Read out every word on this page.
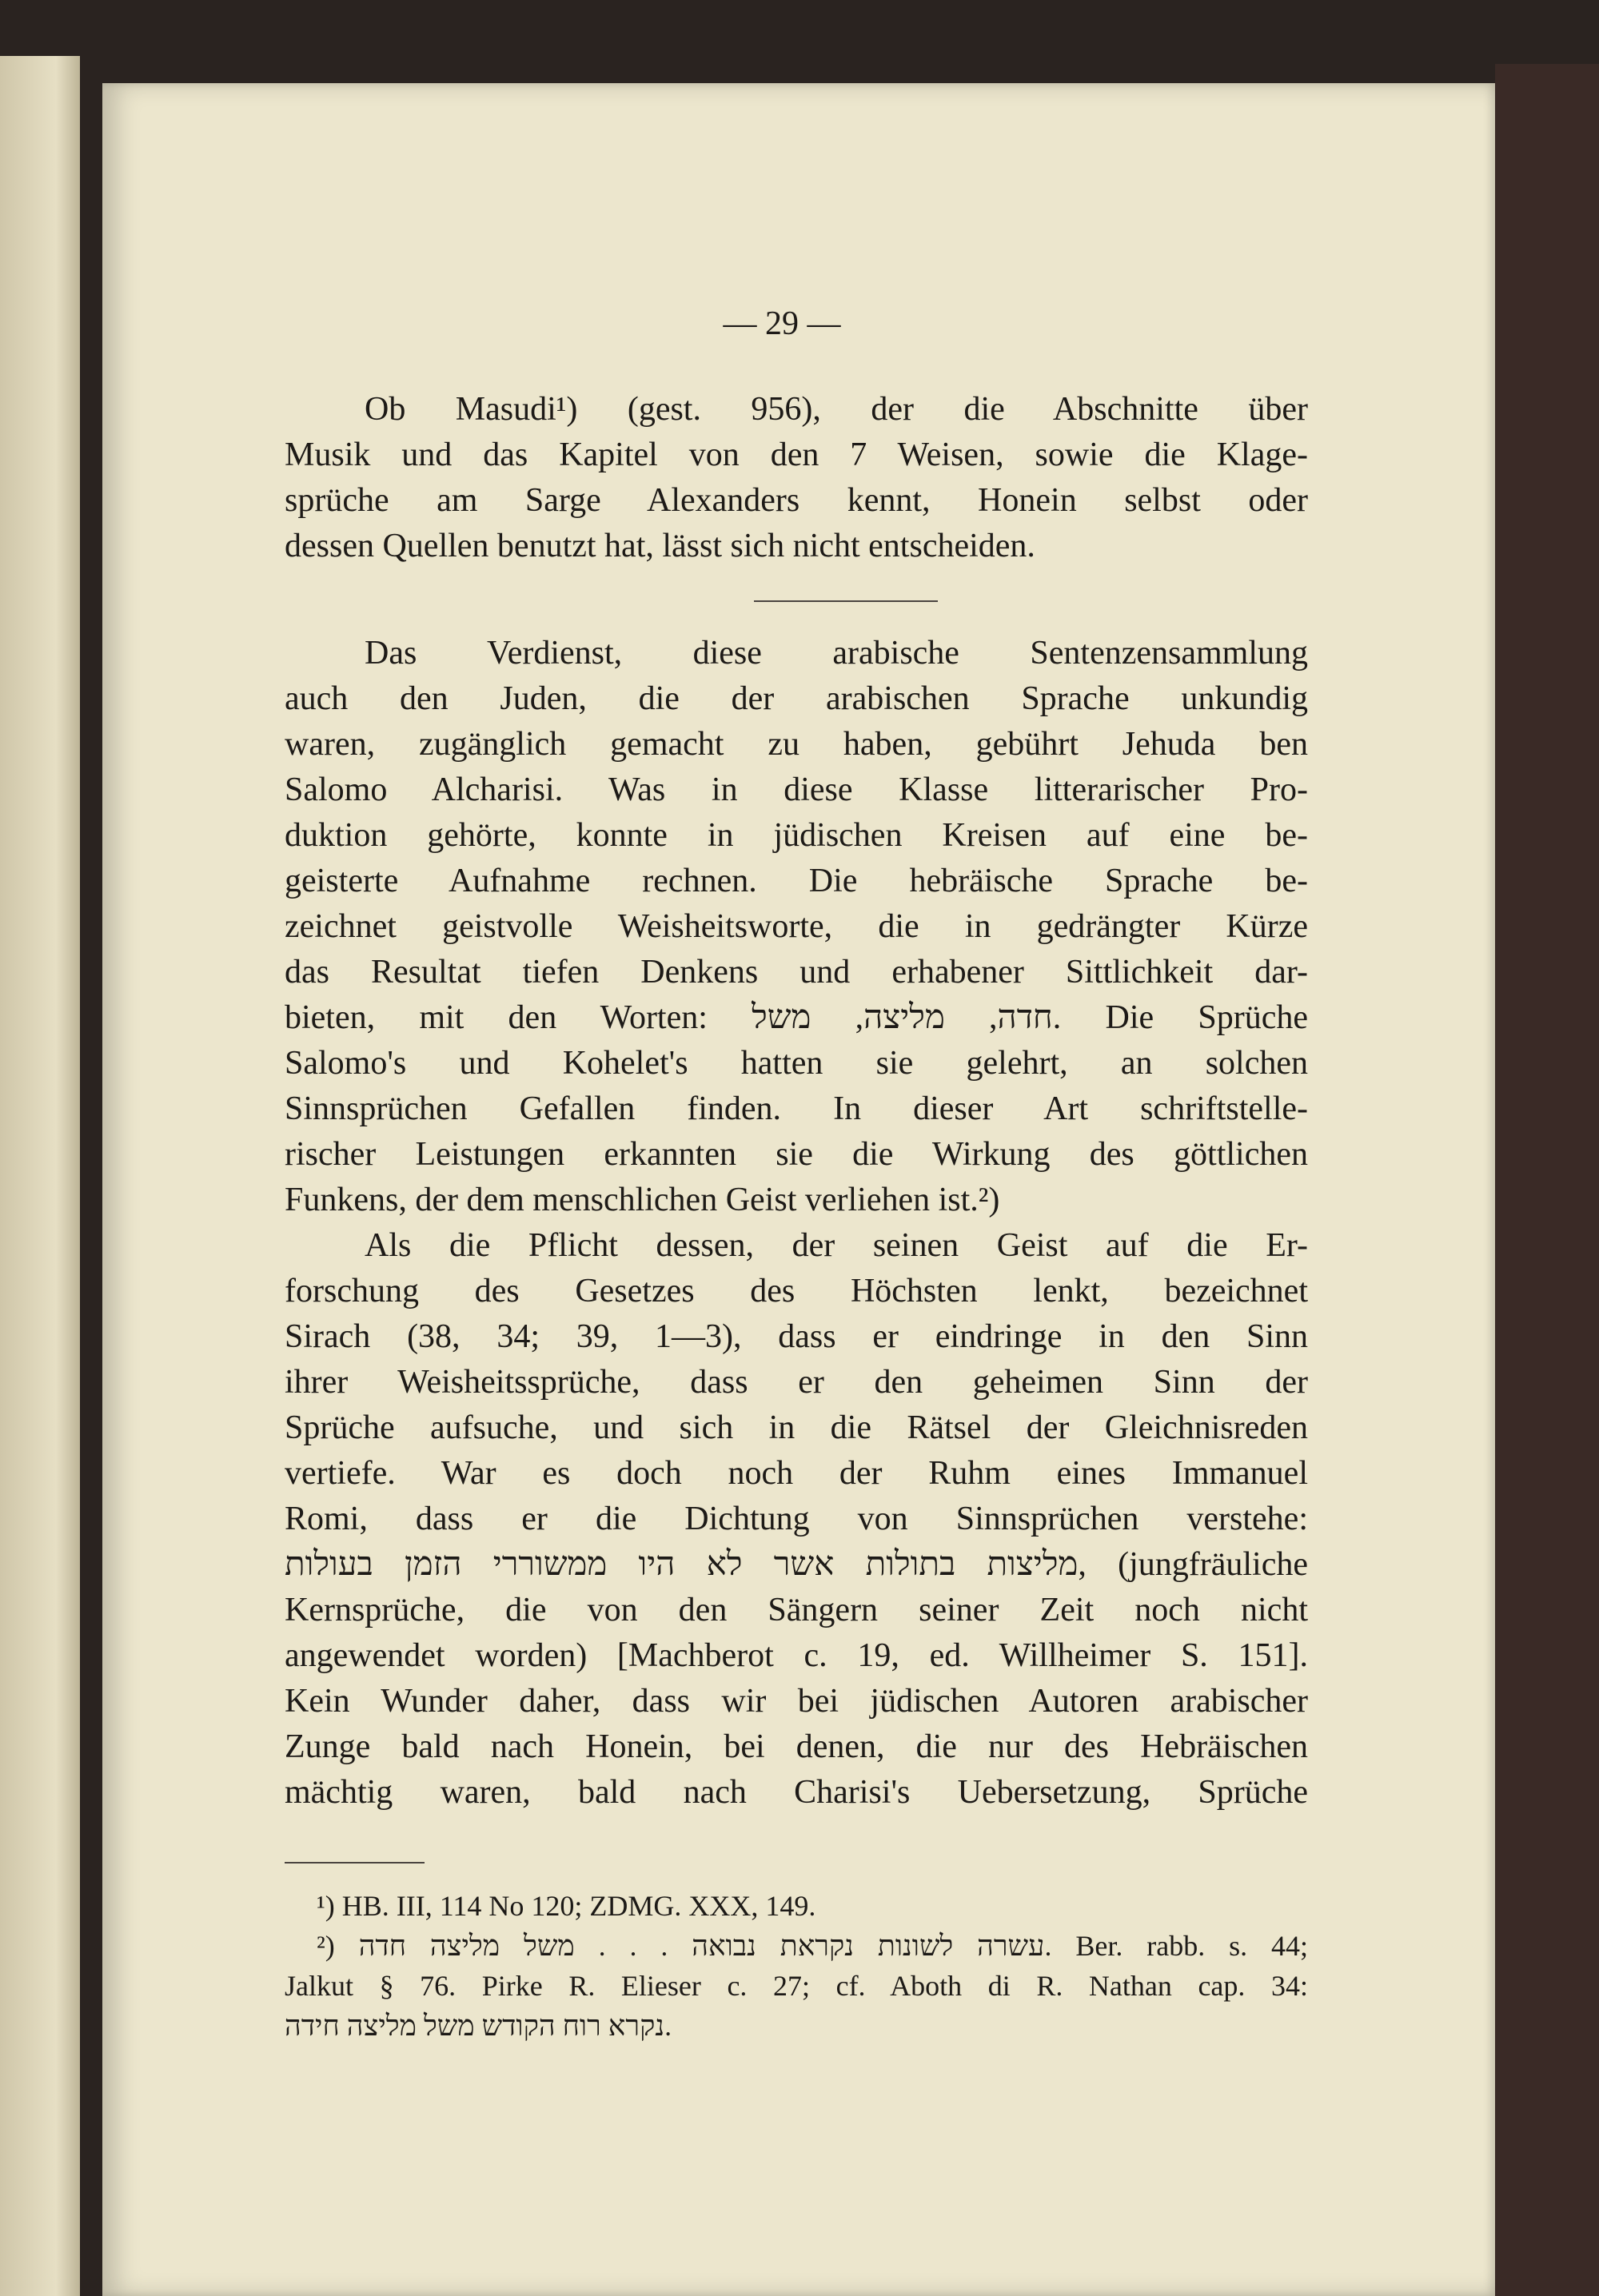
— 29 —
Ob Masudi¹) (gest. 956), der die Abschnitte über
Musik und das Kapitel von den 7 Weisen, sowie die Klage-
sprüche am Sarge Alexanders kennt, Honein selbst oder
dessen Quellen benutzt hat, lässt sich nicht entscheiden.
Das Verdienst, diese arabische Sentenzensammlung
auch den Juden, die der arabischen Sprache unkundig
waren, zugänglich gemacht zu haben, gebührt Jehuda ben
Salomo Alcharisi. Was in diese Klasse litterarischer Pro-
duktion gehörte, konnte in jüdischen Kreisen auf eine be-
geisterte Aufnahme rechnen. Die hebräische Sprache be-
zeichnet geistvolle Weisheitsworte, die in gedrängter Kürze
das Resultat tiefen Denkens und erhabener Sittlichkeit dar-
bieten, mit den Worten: חדה, מליצה, משל. Die Sprüche
Salomo's und Kohelet's hatten sie gelehrt, an solchen
Sinnsprüchen Gefallen finden. In dieser Art schriftstelle-
rischer Leistungen erkannten sie die Wirkung des göttlichen
Funkens, der dem menschlichen Geist verliehen ist.²)
Als die Pflicht dessen, der seinen Geist auf die Er-
forschung des Gesetzes des Höchsten lenkt, bezeichnet
Sirach (38, 34; 39, 1—3), dass er eindringe in den Sinn
ihrer Weisheitssprüche, dass er den geheimen Sinn der
Sprüche aufsuche, und sich in die Rätsel der Gleichnisreden
vertiefe. War es doch noch der Ruhm eines Immanuel
Romi, dass er die Dichtung von Sinnsprüchen verstehe:
מליצות בתולות אשר לא היו ממשוררי הזמן בעולות, (jungfräuliche
Kernsprüche, die von den Sängern seiner Zeit noch nicht
angewendet worden) [Machberot c. 19, ed. Willheimer S. 151].
Kein Wunder daher, dass wir bei jüdischen Autoren arabischer
Zunge bald nach Honein, bei denen, die nur des Hebräischen
mächtig waren, bald nach Charisi's Uebersetzung, Sprüche
¹) HB. III, 114 No 120; ZDMG. XXX, 149.
²) עשרה לשונות נקראת נבואה . . . משל מליצה חדה. Ber. rabb. s. 44;
Jalkut § 76. Pirke R. Elieser c. 27; cf. Aboth di R. Nathan cap. 34:
נקרא רוח הקודש משל מליצה חידה.
